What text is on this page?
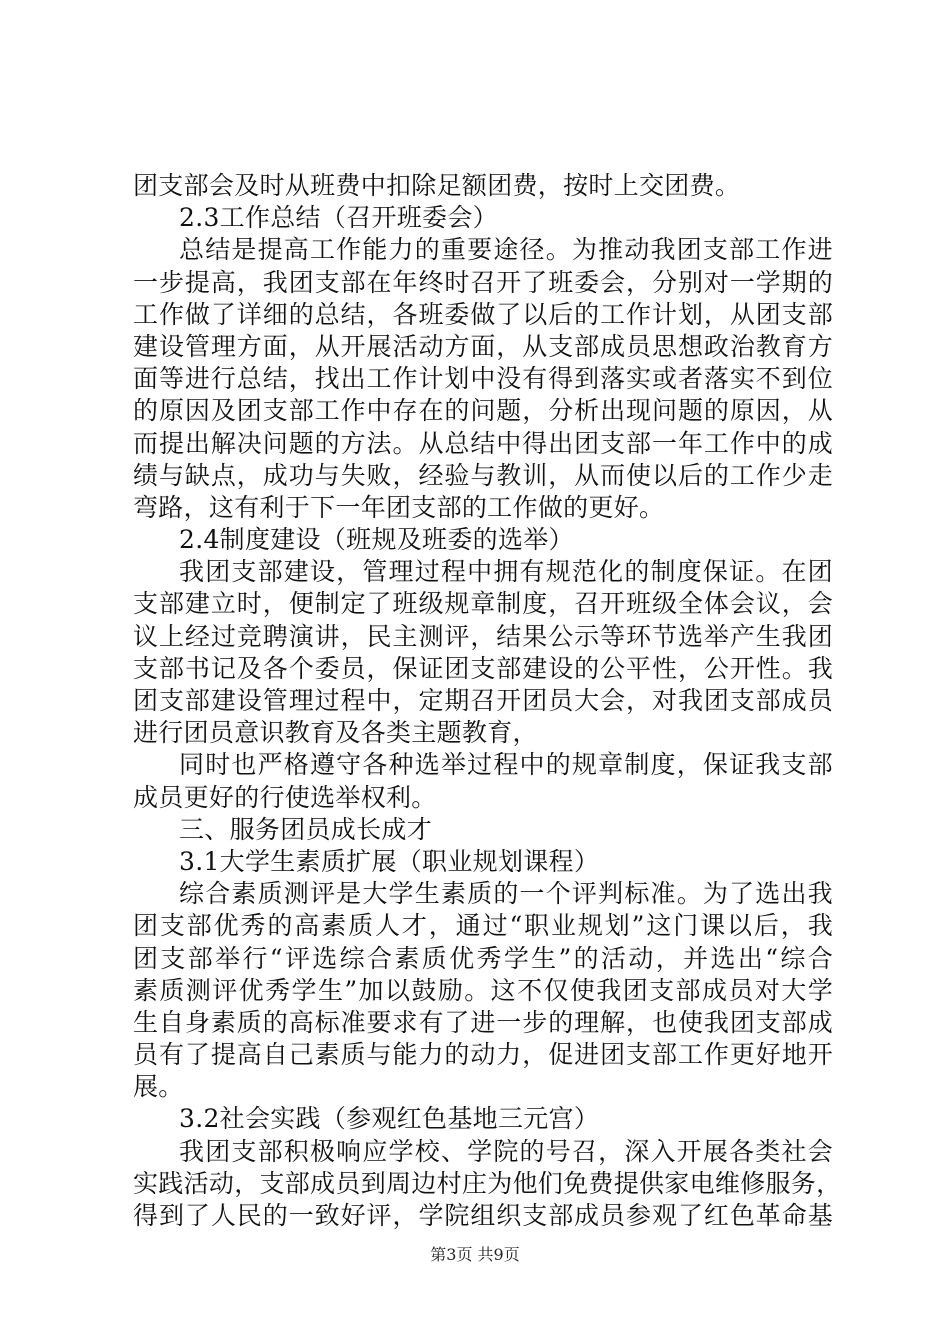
团支部会及时从班费中扣除足额团费，按时上交团费。
2.3工作总结（召开班委会）
总结是提高工作能力的重要途径。为推动我团支部工作进
一步提高，我团支部在年终时召开了班委会，分别对一学期的
工作做了详细的总结，各班委做了以后的工作计划，从团支部
建设管理方面，从开展活动方面，从支部成员思想政治教育方
面等进行总结，找出工作计划中没有得到落实或者落实不到位
的原因及团支部工作中存在的问题，分析出现问题的原因，从
而提出解决问题的方法。从总结中得出团支部一年工作中的成
绩与缺点，成功与失败，经验与教训，从而使以后的工作少走
弯路，这有利于下一年团支部的工作做的更好。
2.4制度建设（班规及班委的选举）
我团支部建设，管理过程中拥有规范化的制度保证。在团
支部建立时，便制定了班级规章制度，召开班级全体会议，会
议上经过竞聘演讲，民主测评，结果公示等环节选举产生我团
支部书记及各个委员，保证团支部建设的公平性，公开性。我
团支部建设管理过程中，定期召开团员大会，对我团支部成员
进行团员意识教育及各类主题教育，
同时也严格遵守各种选举过程中的规章制度，保证我支部
成员更好的行使选举权利。
三、服务团员成长成才
3.1大学生素质扩展（职业规划课程）
综合素质测评是大学生素质的一个评判标准。为了选出我
团支部优秀的高素质人才，通过“职业规划”这门课以后，我
团支部举行“评选综合素质优秀学生”的活动，并选出“综合
素质测评优秀学生”加以鼓励。这不仅使我团支部成员对大学
生自身素质的高标准要求有了进一步的理解，也使我团支部成
员有了提高自己素质与能力的动力，促进团支部工作更好地开
展。
3.2社会实践（参观红色基地三元宫）
我团支部积极响应学校、学院的号召，深入开展各类社会
实践活动，支部成员到周边村庄为他们免费提供家电维修服务，
得到了人民的一致好评，学院组织支部成员参观了红色革命基
第3页 共9页
